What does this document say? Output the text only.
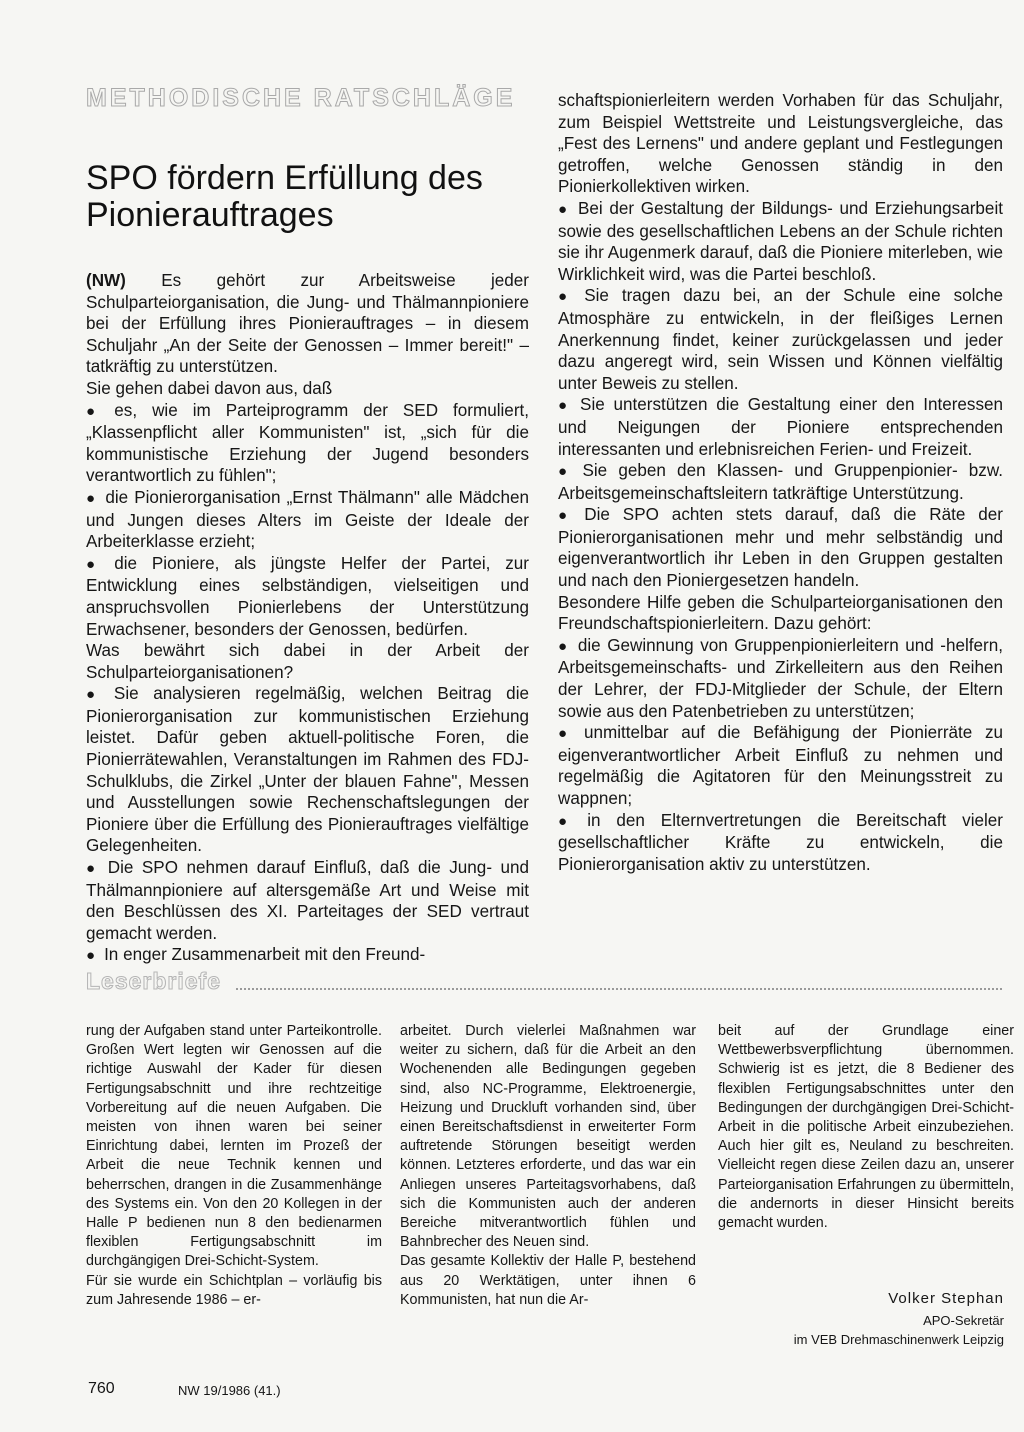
METHODISCHE RATSCHLÄGE
SPO fördern Erfüllung des Pionierauftrages

(NW) Es gehört zur Arbeitsweise jeder Schulparteiorganisation, die Jung- und Thälmannpioniere bei der Erfüllung ihres Pionierauftrages – in diesem Schuljahr „An der Seite der Genossen – Immer bereit!" – tatkräftig zu unterstützen.

Sie gehen dabei davon aus, daß

● es, wie im Parteiprogramm der SED formuliert, „Klassenpflicht aller Kommunisten" ist, „sich für die kommunistische Erziehung der Jugend besonders verantwortlich zu fühlen";

● die Pionierorganisation „Ernst Thälmann" alle Mädchen und Jungen dieses Alters im Geiste der Ideale der Arbeiterklasse erzieht;

● die Pioniere, als jüngste Helfer der Partei, zur Entwicklung eines selbständigen, vielseitigen und anspruchsvollen Pionierlebens der Unterstützung Erwachsener, besonders der Genossen, bedürfen.

Was bewährt sich dabei in der Arbeit der Schulparteiorganisationen?

● Sie analysieren regelmäßig, welchen Beitrag die Pionierorganisation zur kommunistischen Erziehung leistet. Dafür geben aktuell-politische Foren, die Pionierrätewahlen, Veranstaltungen im Rahmen des FDJ-Schulklubs, die Zirkel „Unter der blauen Fahne", Messen und Ausstellungen sowie Rechenschaftslegungen der Pioniere über die Erfüllung des Pionierauftrages vielfältige Gelegenheiten.

● Die SPO nehmen darauf Einfluß, daß die Jung- und Thälmannpioniere auf altersgemäße Art und Weise mit den Beschlüssen des XI. Parteitages der SED vertraut gemacht werden.

● In enger Zusammenarbeit mit den Freund-

schaftspionierleitern werden Vorhaben für das Schuljahr, zum Beispiel Wettstreite und Leistungsvergleiche, das „Fest des Lernens" und andere geplant und Festlegungen getroffen, welche Genossen ständig in den Pionierkollektiven wirken.

● Bei der Gestaltung der Bildungs- und Erziehungsarbeit sowie des gesellschaftlichen Lebens an der Schule richten sie ihr Augenmerk darauf, daß die Pioniere miterleben, wie Wirklichkeit wird, was die Partei beschloß.

● Sie tragen dazu bei, an der Schule eine solche Atmosphäre zu entwickeln, in der fleißiges Lernen Anerkennung findet, keiner zurückgelassen und jeder dazu angeregt wird, sein Wissen und Können vielfältig unter Beweis zu stellen.

● Sie unterstützen die Gestaltung einer den Interessen und Neigungen der Pioniere entsprechenden interessanten und erlebnisreichen Ferien- und Freizeit.

● Sie geben den Klassen- und Gruppenpionier- bzw. Arbeitsgemeinschaftsleitern tatkräftige Unterstützung.

● Die SPO achten stets darauf, daß die Räte der Pionierorganisationen mehr und mehr selbständig und eigenverantwortlich ihr Leben in den Gruppen gestalten und nach den Pioniergesetzen handeln.

Besondere Hilfe geben die Schulparteiorganisationen den Freundschaftspionierleitern. Dazu gehört:

● die Gewinnung von Gruppenpionierleitern und -helfern, Arbeitsgemeinschafts- und Zirkelleitern aus den Reihen der Lehrer, der FDJ-Mitglieder der Schule, der Eltern sowie aus den Patenbetrieben zu unterstützen;

● unmittelbar auf die Befähigung der Pionierräte zu eigenverantwortlicher Arbeit Einfluß zu nehmen und regelmäßig die Agitatoren für den Meinungsstreit zu wappnen;

● in den Elternvertretungen die Bereitschaft vieler gesellschaftlicher Kräfte zu entwickeln, die Pionierorganisation aktiv zu unterstützen.

Leserbriefe

rung der Aufgaben stand unter Parteikontrolle. Großen Wert legten wir Genossen auf die richtige Auswahl der Kader für diesen Fertigungsabschnitt und ihre rechtzeitige Vorbereitung auf die neuen Aufgaben. Die meisten von ihnen waren bei seiner Einrichtung dabei, lernten im Prozeß der Arbeit die neue Technik kennen und beherrschen, drangen in die Zusammenhänge des Systems ein. Von den 20 Kollegen in der Halle P bedienen nun 8 den bedienarmen flexiblen Fertigungsabschnitt im durchgängigen Drei-Schicht-System.

Für sie wurde ein Schichtplan – vorläufig bis zum Jahresende 1986 – er-

arbeitet. Durch vielerlei Maßnahmen war weiter zu sichern, daß für die Arbeit an den Wochenenden alle Bedingungen gegeben sind, also NC-Programme, Elektroenergie, Heizung und Druckluft vorhanden sind, über einen Bereitschaftsdienst in erweiterter Form auftretende Störungen beseitigt werden können. Letzteres erforderte, und das war ein Anliegen unseres Parteitagsvorhabens, daß sich die Kommunisten auch der anderen Bereiche mitverantwortlich fühlen und Bahnbrecher des Neuen sind.

Das gesamte Kollektiv der Halle P, bestehend aus 20 Werktätigen, unter ihnen 6 Kommunisten, hat nun die Ar-

beit auf der Grundlage einer Wettbewerbsverpflichtung übernommen. Schwierig ist es jetzt, die 8 Bediener des flexiblen Fertigungsabschnittes unter den Bedingungen der durchgängigen Drei-Schicht-Arbeit in die politische Arbeit einzubeziehen. Auch hier gilt es, Neuland zu beschreiten. Vielleicht regen diese Zeilen dazu an, unserer Parteiorganisation Erfahrungen zu übermitteln, die andernorts in dieser Hinsicht bereits gemacht wurden.

Volker Stephan
APO-Sekretär
im VEB Drehmaschinenwerk Leipzig
760	NW 19/1986 (41.)
